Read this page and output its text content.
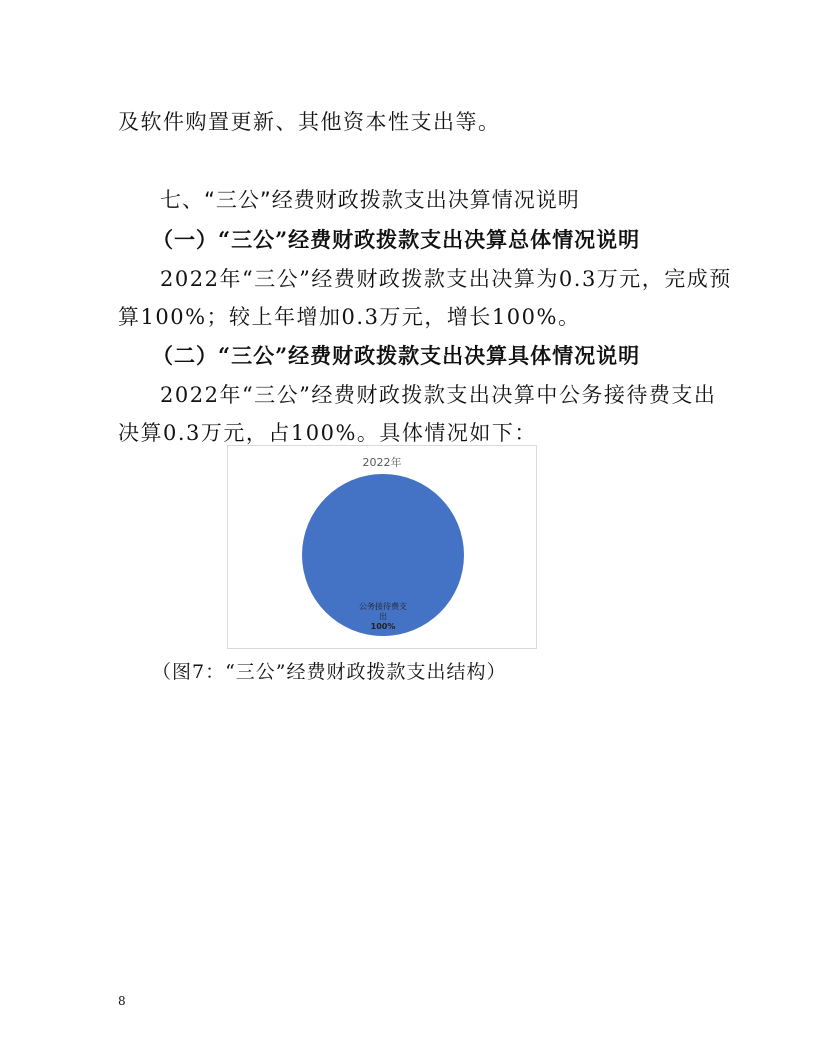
及软件购置更新、其他资本性支出等。
七、“三公”经费财政拨款支出决算情况说明
（一）“三公”经费财政拨款支出决算总体情况说明
2022年“三公”经费财政拨款支出决算为0.3万元，完成预
算100%；较上年增加0.3万元，增长100%。
（二）“三公”经费财政拨款支出决算具体情况说明
2022年“三公”经费财政拨款支出决算中公务接待费支出
决算0.3万元，占100%。具体情况如下：
2022年
公务接待费支
出
100%
（图7：“三公”经费财政拨款支出结构）
8
